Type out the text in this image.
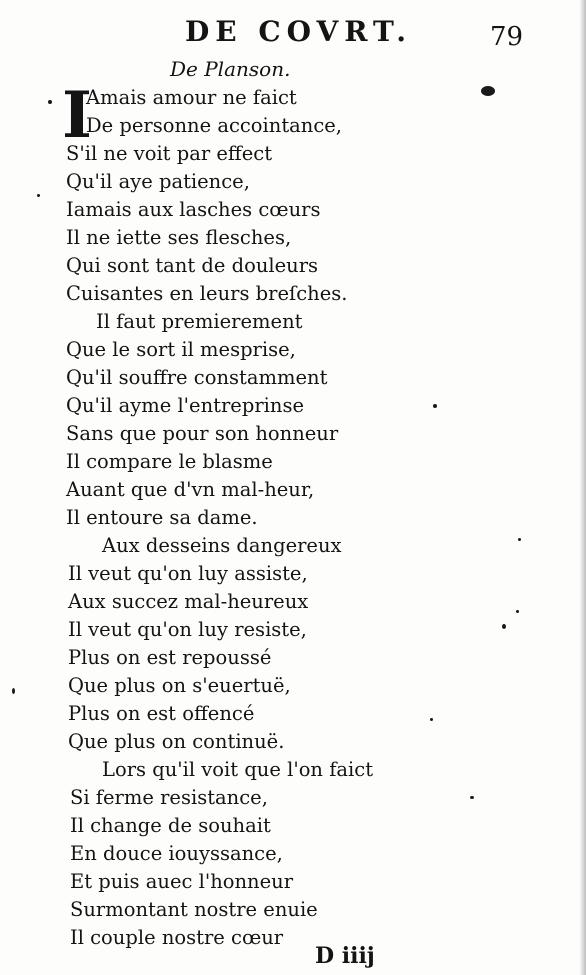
DE COVRT.	79
De Planson.
I
Amais amour ne faict
De personne accointance,
S'il ne voit par effect
Qu'il aye patience,
Iamais aux lasches cœurs
Il ne iette ses flesches,
Qui sont tant de douleurs
Cuisantes en leurs breſches.
Il faut premierement
Que le sort il mesprise,
Qu'il souffre constamment
Qu'il ayme l'entreprinse
Sans que pour son honneur
Il compare le blasme
Auant que d'vn mal-heur,
Il entoure sa dame.
Aux desseins dangereux
Il veut qu'on luy assiste,
Aux succez mal-heureux
Il veut qu'on luy resiste,
Plus on est repoussé
Que plus on s'euertuë,
Plus on est offencé
Que plus on continuë.
Lors qu'il voit que l'on faict
Si ferme resistance,
Il change de souhait
En douce iouyssance,
Et puis auec l'honneur
Surmontant nostre enuie
Il couple nostre cœur
D iiij
